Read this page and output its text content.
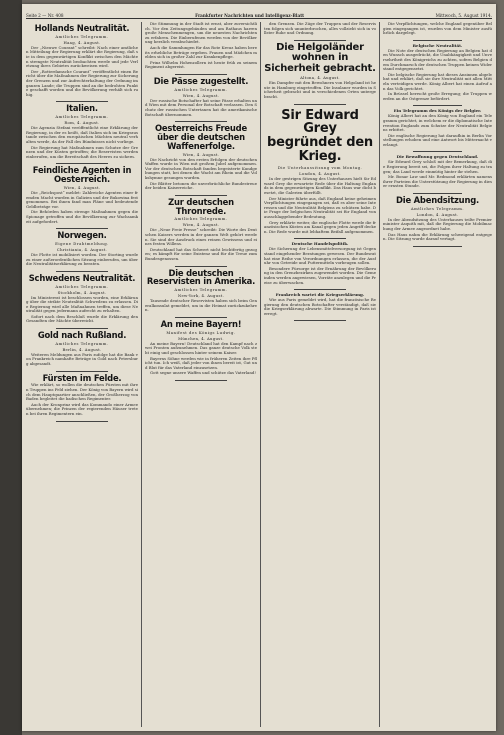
Seite 2 — Nr. 408	Frankfurter Nachrichten und Intelligenz-Blatt	Mittwoch, 5. August 1914.
Hollands Neutralität.
Amtliches Telegramm.
Haag, 4. August.

Der „Nieuwe Courant“ schreibt: Nach einer amtlichen Mitteilung der Regierung erklärt die Regierung, daß sie in dem gegenwärtigen Konflikt zwischen den Mächten strengste Neutralität beobachten werde und jede Verletzung ihres Gebietes zurückweisen wird.

Der „Rotterdamsche Courant“ veröffentlicht einen Bericht über die Maßnahmen der Regierung zur Sicherung der Grenzen und zur Aufrechterhaltung der Ordnung im ganzen Lande; die Truppen sind an die bedrohten Punkte geschafft worden und die Bevölkerung verhält sich ruhig.

Italien.
Amtliches Telegramm.
Rom, 4. August.

Die Agenzia Stefani veröffentlicht eine Erklärung der Regierung, in der es heißt, daß Italien sich im Kriegszustande zwischen den europäischen Mächten neutral verhalten werde, da der Fall des Bündnisses nicht vorliege.

Die Regierung hat Maßnahmen zum Schutze der Grenzen und der Küsten getroffen; die Reservisten werden einberufen, um die Bereitschaft des Heeres zu sichern.

Feindliche Agenten in Oesterreich.
Wien, 4. August.

Die „Reichspost“ meldet: Zahlreiche Agenten einer fremden Macht wurden in Galizien und der Bukowina festgenommen. Bei ihnen fand man Pläne und bedeutende Geldbeträge vor.

Die Behörden haben strenge Maßnahmen gegen die Spionage getroffen und die Bevölkerung zur Wachsamkeit aufgefordert.

Norwegen.
Eigene Drahtmeldung.
Christiania, 4. August.

Die Flotte ist mobilisiert worden. Der Storting wurde zu einer außerordentlichen Sitzung einberufen, um über die Neutralitätserklärung zu beraten.

Schwedens Neutralität.
Amtliches Telegramm.
Stockholm, 4. August.

Im Ministerrat ist beschlossen worden, eine Erklärung über die strikte Neutralität Schwedens zu erlassen. Die Regierung wird alle Maßnahmen treffen, um diese Neutralität gegen jedermann aufrecht zu erhalten.

Sofort nach dem Beschluß wurde die Erklärung den Gesandten der Mächte überreicht.

Gold nach Rußland.
Amtliches Telegramm.
Berlin, 4. August.

Weiteren Meldungen aus Paris zufolge hat die Bank von Frankreich namhafte Beträge in Gold nach Petersburg abgesandt.

Fürsten im Felde.

Wie erklärt, so wollen die deutschen Fürsten mit ihren Truppen ins Feld ziehen. Der König von Bayern wird sich dem Hauptquartier anschließen, der Großherzog von Baden begleitet die badischen Regimenter.

Auch der Kronprinz wird das Kommando einer Armee übernehmen; die Prinzen der regierenden Häuser treten bei ihren Regimentern ein.

Die Stimmung in der Stadt ist ernst, aber zuversichtlich. Vor den Zeitungsgebäuden und am Rathaus harren große Menschenmengen, um die neuesten Nachrichten zu erfahren. Die Einberufenen werden von der Bevölkerung herzlich verabschiedet.

Auch die Sammlungen für das Rote Kreuz haben bereits erhebliche Beträge ergeben. Frauen und Mädchen melden sich in großer Zahl zur Krankenpflege.

Prinz Wilhelm Hohenzollern ist heute früh zu seinem Regiment abgereist.

Die Pässe zugestellt.
Amtliches Telegramm.
Wien, 4. August.

Der russische Botschafter hat seine Pässe erhalten und Wien mit dem Personal der Botschaft verlassen. Den Schutz der russischen Untertanen hat die amerikanische Botschaft übernommen.

Oesterreichs Freude über die deutschen Waffenerfolge.
Wien, 4. August.

Die Nachricht von den ersten Erfolgen der deutschen Waffen wurde in Wien mit großem Jubel aufgenommen. Vor der deutschen Botschaft fanden begeisterte Kundgebungen statt, bei denen die Wacht am Rhein und die Volkshymne gesungen wurden.

Die Blätter betonen die unverbrüchliche Bundestreue der beiden Kaiserreiche.

Zur deutschen Thronrede.
Amtliches Telegramm.
Wien, 4. August.

Die „Neue Freie Presse“ schreibt: Die Worte des Deutschen Kaisers werden in der ganzen Welt gehört werden. Sie sind der Ausdruck eines reinen Gewissens und eines festen Willens.

Deutschland hat das Schwert nicht leichtfertig gezogen; es kämpft für seine Existenz und für die Treue zum Bundesgenossen.

Die deutschen Reservisten in Amerika.
Amtliches Telegramm.
New-York, 4. August.

Tausende deutscher Reservisten haben sich beim Generalkonsulat gemeldet, um in die Heimat zurückzukehren.

An meine Bayern!
Manifest des Königs Ludwig.
München, 4. August.

An meine Bayern! Deutschland hat den Kampf nach zwei Fronten aufzunehmen. Das ganze deutsche Volk steht einig und geschlossen hinter seinem Kaiser.

Bayerns Söhne werden wie in früheren Zeiten ihre Pflicht tun. Ich weiß, daß jeder von ihnen bereit ist, Gut und Blut für das Vaterland einzusetzen.

Gott segne unsere Waffen und schütze das Vaterland!

den Grenzen. Die Züge der Truppen und der Reservisten folgen sich ununterbrochen, alles vollzieht sich in vollster Ruhe und Ordnung.

Die Helgoländer wohnen in Sicherheit gebracht.
Altona, 4. August.

Ein Dampfer mit den Bewohnern von Helgoland ist heute in Hamburg eingetroffen. Die Insulaner wurden in Sicherheit gebracht und in verschiedenen Orten untergebracht.

Sir Edward Grey begründet den Krieg.
Die Unterhaussitzung vom Montag.
London, 4. August.

In der gestrigen Sitzung des Unterhauses hielt Sir Edward Grey die erwartete Rede über die Haltung Englands in dem gegenwärtigen Konflikt. Das Haus war dicht besetzt, die Galerien überfüllt.

Der Minister führte aus, daß England keine geheimen Verpflichtungen eingegangen sei, daß es aber seine Interessen und die Neutralität Belgiens zu schützen habe. Die Frage der belgischen Neutralität sei für England von ausschlaggebender Bedeutung.

Grey erklärte weiter, die englische Flotte werde die französischen Küsten am Kanal gegen jeden Angriff decken. Die Rede wurde mit lebhaftem Beifall aufgenommen.

Deutsche Handelspolitik.

Die Sicherung der Lebensmittelversorgung ist Gegenstand eingehender Beratungen gewesen. Der Bundesrat hat eine Reihe von Verordnungen erlassen, die der Ausfuhr von Getreide und Futtermitteln vorbeugen sollen.

Besondere Fürsorge ist der Ernährung der Bevölkerung in den Grenzbezirken zugewendet worden. Die Gemeinden werden angewiesen, Vorräte anzulegen und die Preise zu überwachen.

Frankreich wartet die Kriegserklärung.

Wie aus Paris gemeldet wird, hat die französische Regierung den deutschen Botschafter verständigt, daß sie die Kriegserklärung abwarte. Die Stimmung in Paris ist erregt.

Die Verpflichtungen, welche England gegenüber Belgien eingegangen ist, wurden von dem Minister ausführlich dargelegt.

Belgische Neutralität.

Die Note der deutschen Regierung an Belgien hat den Wunsch ausgedrückt, die Unabhängigkeit und Unversehrtheit des Königreichs zu achten, sofern Belgien dem Durchmarsch der deutschen Truppen keinen Widerstand entgegensetzt.

Die belgische Regierung hat dieses Ansinnen abgelehnt und erklärt, daß sie ihre Neutralität mit allen Mitteln verteidigen werde. König Albert hat einen Aufruf an das Volk gerichtet.

In Brüssel herrscht große Erregung; die Truppen werden an die Ostgrenze befördert.

Ein Telegramm des Königs der Belgier.

König Albert hat an den König von England ein Telegramm gerichtet, in welchem er die diplomatische Intervention Englands zum Schutze der Neutralität Belgiens erbittet.

Die englische Regierung hat daraufhin in Berlin Vorstellungen erhoben und eine Antwort bis Mitternacht verlangt.

Die Bewaffnung gegen Deutschland.

Sir Edward Grey schloß mit der Bemerkung, daß die Regierung bereit sei, die Folgen ihrer Haltung zu tragen; das Land werde einmütig hinter ihr stehen.

Mr. Bonar Law und Mr. Redmond erklärten namens ihrer Parteien die Unterstützung der Regierung in dieser ernsten Stunde.

Die Abendsitzung.
Amtliches Telegramm.
London, 4. August.

In der Abendsitzung des Unterhauses teilte Premierminister Asquith mit, daß die Regierung die Mobilmachung der Armee angeordnet habe.

Das Haus nahm die Erklärung schweigend entgegen. Die Sitzung wurde darauf vertagt.
